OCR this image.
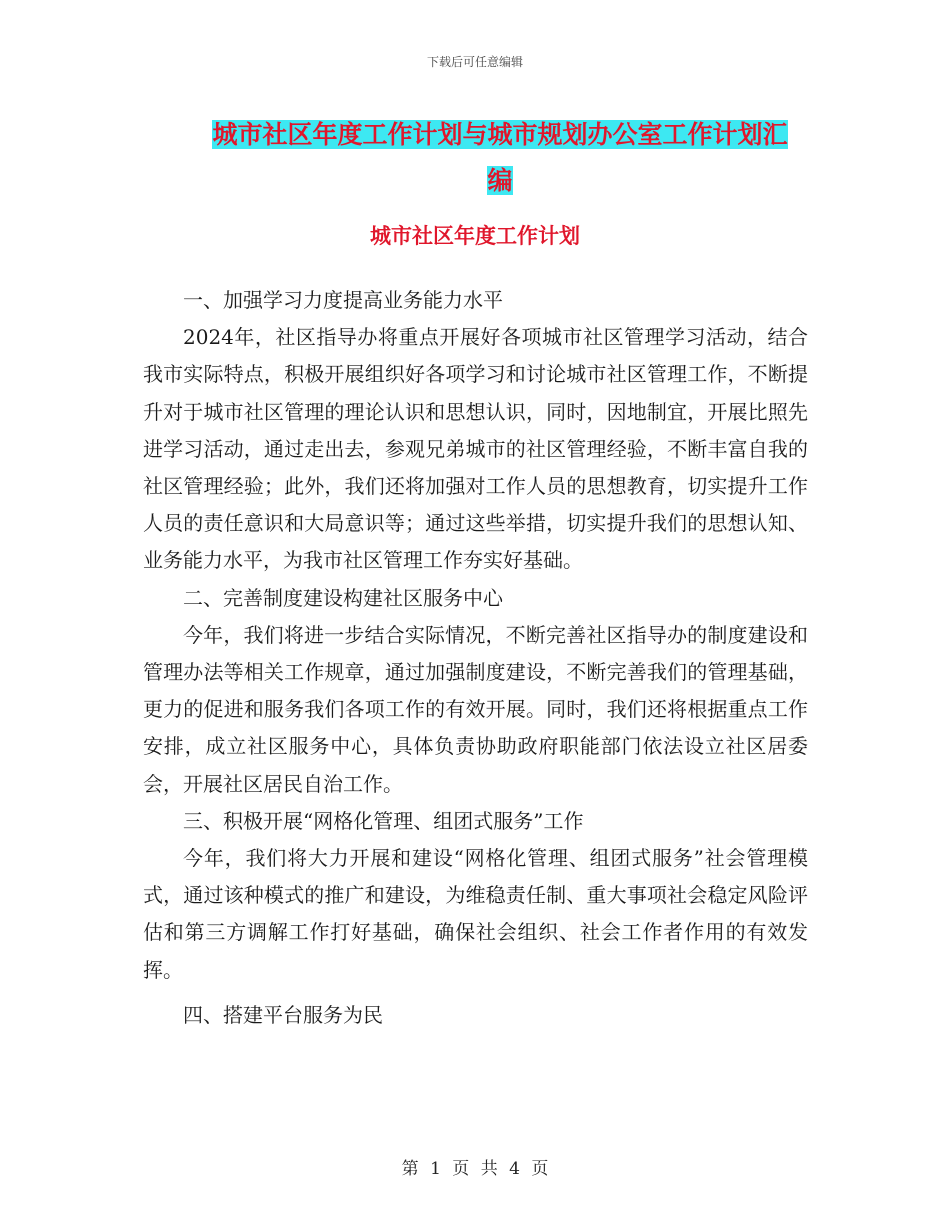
下载后可任意编辑
城市社区年度工作计划与城市规划办公室工作计划汇
编
城市社区年度工作计划

一、加强学习力度提高业务能力水平

2024年，社区指导办将重点开展好各项城市社区管理学习活动，结合我市实际特点，积极开展组织好各项学习和讨论城市社区管理工作，不断提升对于城市社区管理的理论认识和思想认识，同时，因地制宜，开展比照先进学习活动，通过走出去，参观兄弟城市的社区管理经验，不断丰富自我的社区管理经验；此外，我们还将加强对工作人员的思想教育，切实提升工作人员的责任意识和大局意识等；通过这些举措，切实提升我们的思想认知、业务能力水平，为我市社区管理工作夯实好基础。

二、完善制度建设构建社区服务中心

今年，我们将进一步结合实际情况，不断完善社区指导办的制度建设和管理办法等相关工作规章，通过加强制度建设，不断完善我们的管理基础，更力的促进和服务我们各项工作的有效开展。同时，我们还将根据重点工作安排，成立社区服务中心，具体负责协助政府职能部门依法设立社区居委会，开展社区居民自治工作。

三、积极开展“网格化管理、组团式服务”工作

今年，我们将大力开展和建设“网格化管理、组团式服务”社会管理模式，通过该种模式的推广和建设，为维稳责任制、重大事项社会稳定风险评估和第三方调解工作打好基础，确保社会组织、社会工作者作用的有效发挥。

四、搭建平台服务为民

第 1 页 共 4 页
